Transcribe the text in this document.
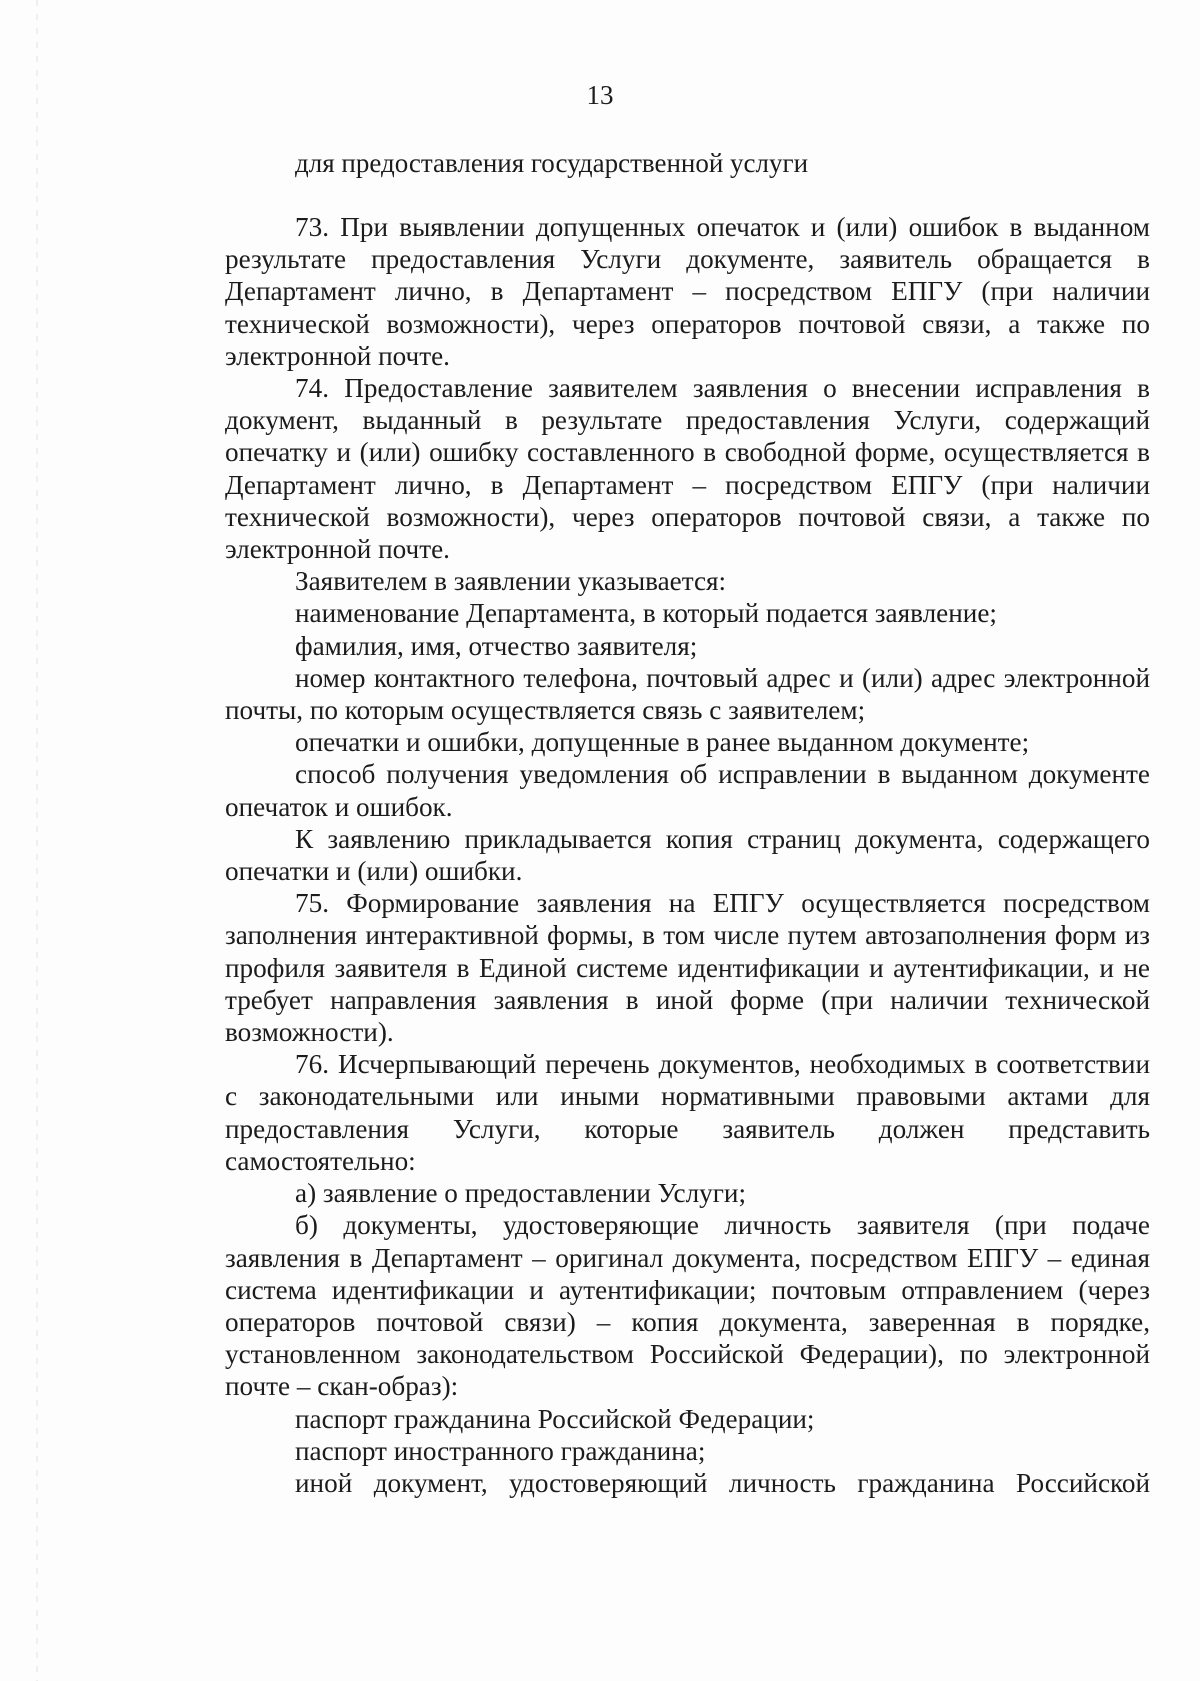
13
для предоставления государственной услуги

73. При выявлении допущенных опечаток и (или) ошибок в выданном результате предоставления Услуги документе, заявитель обращается в Департамент лично, в Департамент – посредством ЕПГУ (при наличии технической возможности), через операторов почтовой связи, а также по электронной почте.

74. Предоставление заявителем заявления о внесении исправления в документ, выданный в результате предоставления Услуги, содержащий опечатку и (или) ошибку составленного в свободной форме, осуществляется в Департамент лично, в Департамент – посредством ЕПГУ (при наличии технической возможности), через операторов почтовой связи, а также по электронной почте.

Заявителем в заявлении указывается:

наименование Департамента, в который подается заявление;

фамилия, имя, отчество заявителя;

номер контактного телефона, почтовый адрес и (или) адрес электронной почты, по которым осуществляется связь с заявителем;

опечатки и ошибки, допущенные в ранее выданном документе;

способ получения уведомления об исправлении в выданном документе опечаток и ошибок.

К заявлению прикладывается копия страниц документа, содержащего опечатки и (или) ошибки.

75. Формирование заявления на ЕПГУ осуществляется посредством заполнения интерактивной формы, в том числе путем автозаполнения форм из профиля заявителя в Единой системе идентификации и аутентификации, и не требует направления заявления в иной форме (при наличии технической возможности).

76. Исчерпывающий перечень документов, необходимых в соответствии с законодательными или иными нормативными правовыми актами для предоставления Услуги, которые заявитель должен представить самостоятельно:

а) заявление о предоставлении Услуги;

б) документы, удостоверяющие личность заявителя (при подаче заявления в Департамент – оригинал документа, посредством ЕПГУ – единая система идентификации и аутентификации; почтовым отправлением (через операторов почтовой связи) – копия документа, заверенная в порядке, установленном законодательством Российской Федерации), по электронной почте – скан-образ):

паспорт гражданина Российской Федерации;

паспорт иностранного гражданина;

иной документ, удостоверяющий личность гражданина Российской
